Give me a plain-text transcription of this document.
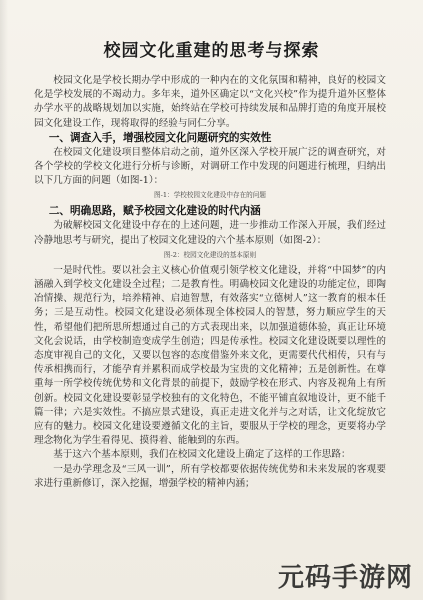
校园文化重建的思考与探索

校园文化是学校长期办学中形成的一种内在的文化氛围和精神，良好的校园文化是学校发展的不竭动力。多年来，道外区确定以“文化兴校”作为提升道外区整体办学水平的战略规划加以实施，始终站在学校可持续发展和品牌打造的角度开展校园文化建设工作，现将取得的经验与同仁分享。

一、调查入手，增强校园文化问题研究的实效性

在校园文化建设项目整体启动之前，道外区深入学校开展广泛的调查研究，对各个学校的学校文化进行分析与诊断，对调研工作中发现的问题进行梳理，归纳出以下几方面的问题（如图-1）：

图-1：学校校园文化建设中存在的问题

二、明确思路，赋予校园文化建设的时代内涵

为破解校园文化建设中存在的上述问题，进一步推动工作深入开展，我们经过冷静地思考与研究，提出了校园文化建设的六个基本原则（如图-2）：

图-2：校园文化建设的基本原则

一是时代性。要以社会主义核心价值观引领学校文化建设，并将“中国梦”的内涵融入到学校文化建设全过程；二是教育性。明确校园文化建设的功能定位，即陶冶情操、规范行为，培养精神、启迪智慧，有效落实“立德树人”这一教育的根本任务；三是互动性。校园文化建设必须体现全体校园人的智慧，努力顺应学生的天性，希望他们把所思所想通过自己的方式表现出来，以加强道德体验，真正让环境文化会说话，由学校制造变成学生创造；四是传承性。校园文化建设既要以理性的态度审视自己的文化，又要以包容的态度借鉴外来文化，更需要代代相传，只有与传承相携而行，才能孕育并累积而成学校最为宝贵的文化精神；五是创新性。在尊重每一所学校传统优势和文化背景的前提下，鼓励学校在形式、内容及视角上有所创新。校园文化建设要彰显学校独有的文化特色，不能平铺直叙地设计，更不能千篇一律；六是实效性。不搞应景式建设，真正走进文化并与之对话，让文化绽放它应有的魅力。校园文化建设要遵循文化的主旨，要服从于学校的理念，更要将办学理念物化为学生看得见、摸得着、能触到的东西。

基于这六个基本原则，我们在校园文化建设上确定了这样的工作思路：

一是办学理念及“三风一训”，所有学校都要依据传统优势和未来发展的客观要求进行重新修订，深入挖掘，增强学校的精神内涵；

元码手游网
